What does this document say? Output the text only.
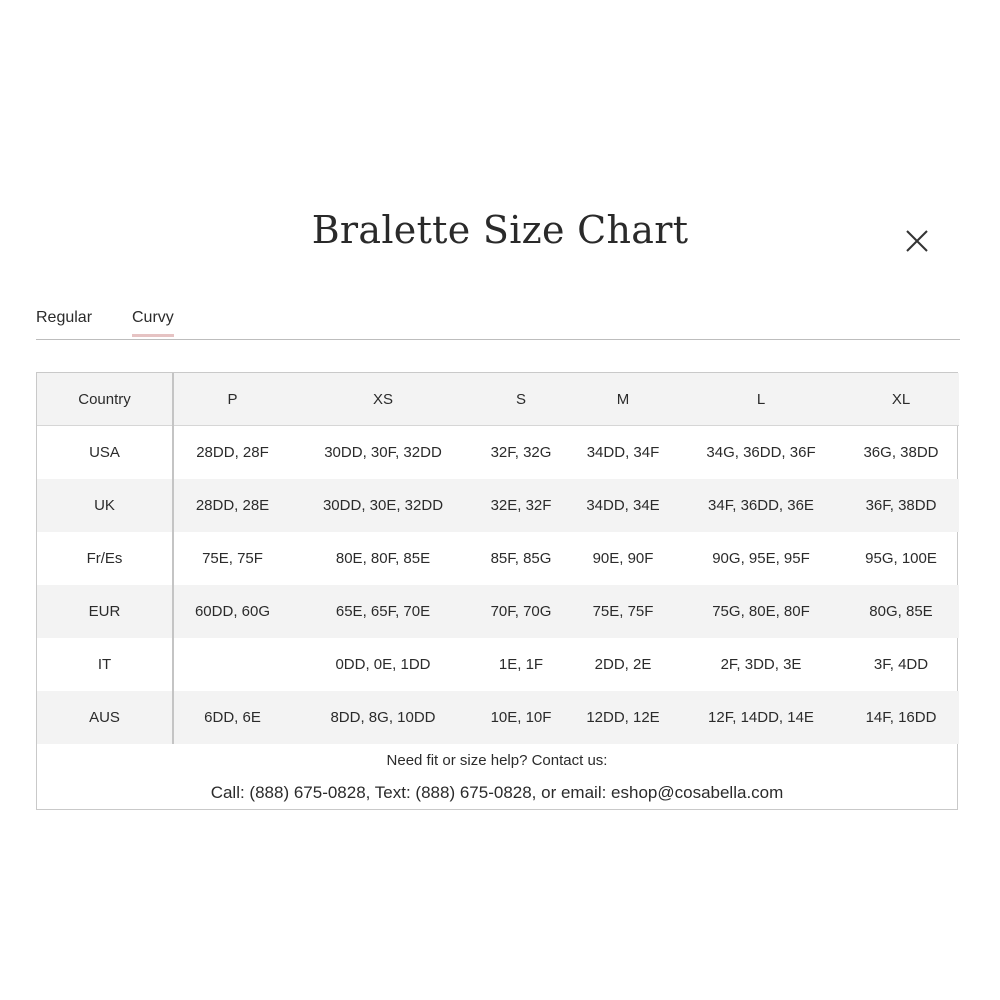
Bralette Size Chart
Regular Curvy
Country	P	XS	S	M	L	XL
USA	28DD, 28F	30DD, 30F, 32DD	32F, 32G	34DD, 34F	34G, 36DD, 36F	36G, 38DD
UK	28DD, 28E	30DD, 30E, 32DD	32E, 32F	34DD, 34E	34F, 36DD, 36E	36F, 38DD
Fr/Es	75E, 75F	80E, 80F, 85E	85F, 85G	90E, 90F	90G, 95E, 95F	95G, 100E
EUR	60DD, 60G	65E, 65F, 70E	70F, 70G	75E, 75F	75G, 80E, 80F	80G, 85E
IT		0DD, 0E, 1DD	1E, 1F	2DD, 2E	2F, 3DD, 3E	3F, 4DD
AUS	6DD, 6E	8DD, 8G, 10DD	10E, 10F	12DD, 12E	12F, 14DD, 14E	14F, 16DD
Need fit or size help? Contact us:
Call: (888) 675-0828, Text: (888) 675-0828, or email: eshop@cosabella.com
